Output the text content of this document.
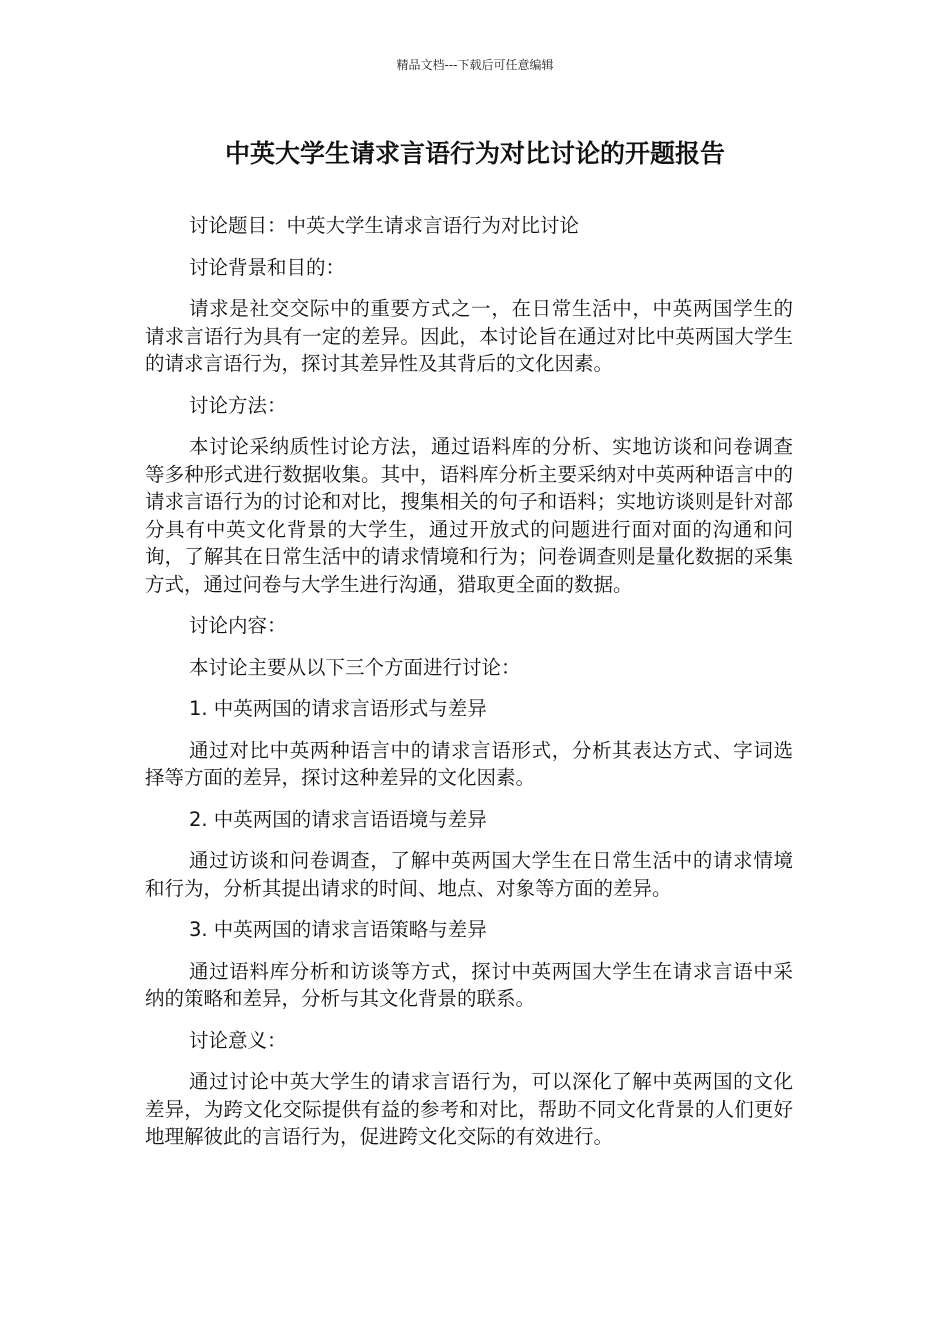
精品文档---下载后可任意编辑
中英大学生请求言语行为对比讨论的开题报告

讨论题目：中英大学生请求言语行为对比讨论

讨论背景和目的：

请求是社交交际中的重要方式之一，在日常生活中，中英两国学生的请求言语行为具有一定的差异。因此，本讨论旨在通过对比中英两国大学生的请求言语行为，探讨其差异性及其背后的文化因素。

讨论方法：

本讨论采纳质性讨论方法，通过语料库的分析、实地访谈和问卷调查等多种形式进行数据收集。其中，语料库分析主要采纳对中英两种语言中的请求言语行为的讨论和对比，搜集相关的句子和语料；实地访谈则是针对部分具有中英文化背景的大学生，通过开放式的问题进行面对面的沟通和问询，了解其在日常生活中的请求情境和行为；问卷调查则是量化数据的采集方式，通过问卷与大学生进行沟通，猎取更全面的数据。

讨论内容：

本讨论主要从以下三个方面进行讨论：

1. 中英两国的请求言语形式与差异

通过对比中英两种语言中的请求言语形式，分析其表达方式、字词选择等方面的差异，探讨这种差异的文化因素。

2. 中英两国的请求言语语境与差异

通过访谈和问卷调查，了解中英两国大学生在日常生活中的请求情境和行为，分析其提出请求的时间、地点、对象等方面的差异。

3. 中英两国的请求言语策略与差异

通过语料库分析和访谈等方式，探讨中英两国大学生在请求言语中采纳的策略和差异，分析与其文化背景的联系。

讨论意义：

通过讨论中英大学生的请求言语行为，可以深化了解中英两国的文化差异，为跨文化交际提供有益的参考和对比，帮助不同文化背景的人们更好地理解彼此的言语行为，促进跨文化交际的有效进行。
